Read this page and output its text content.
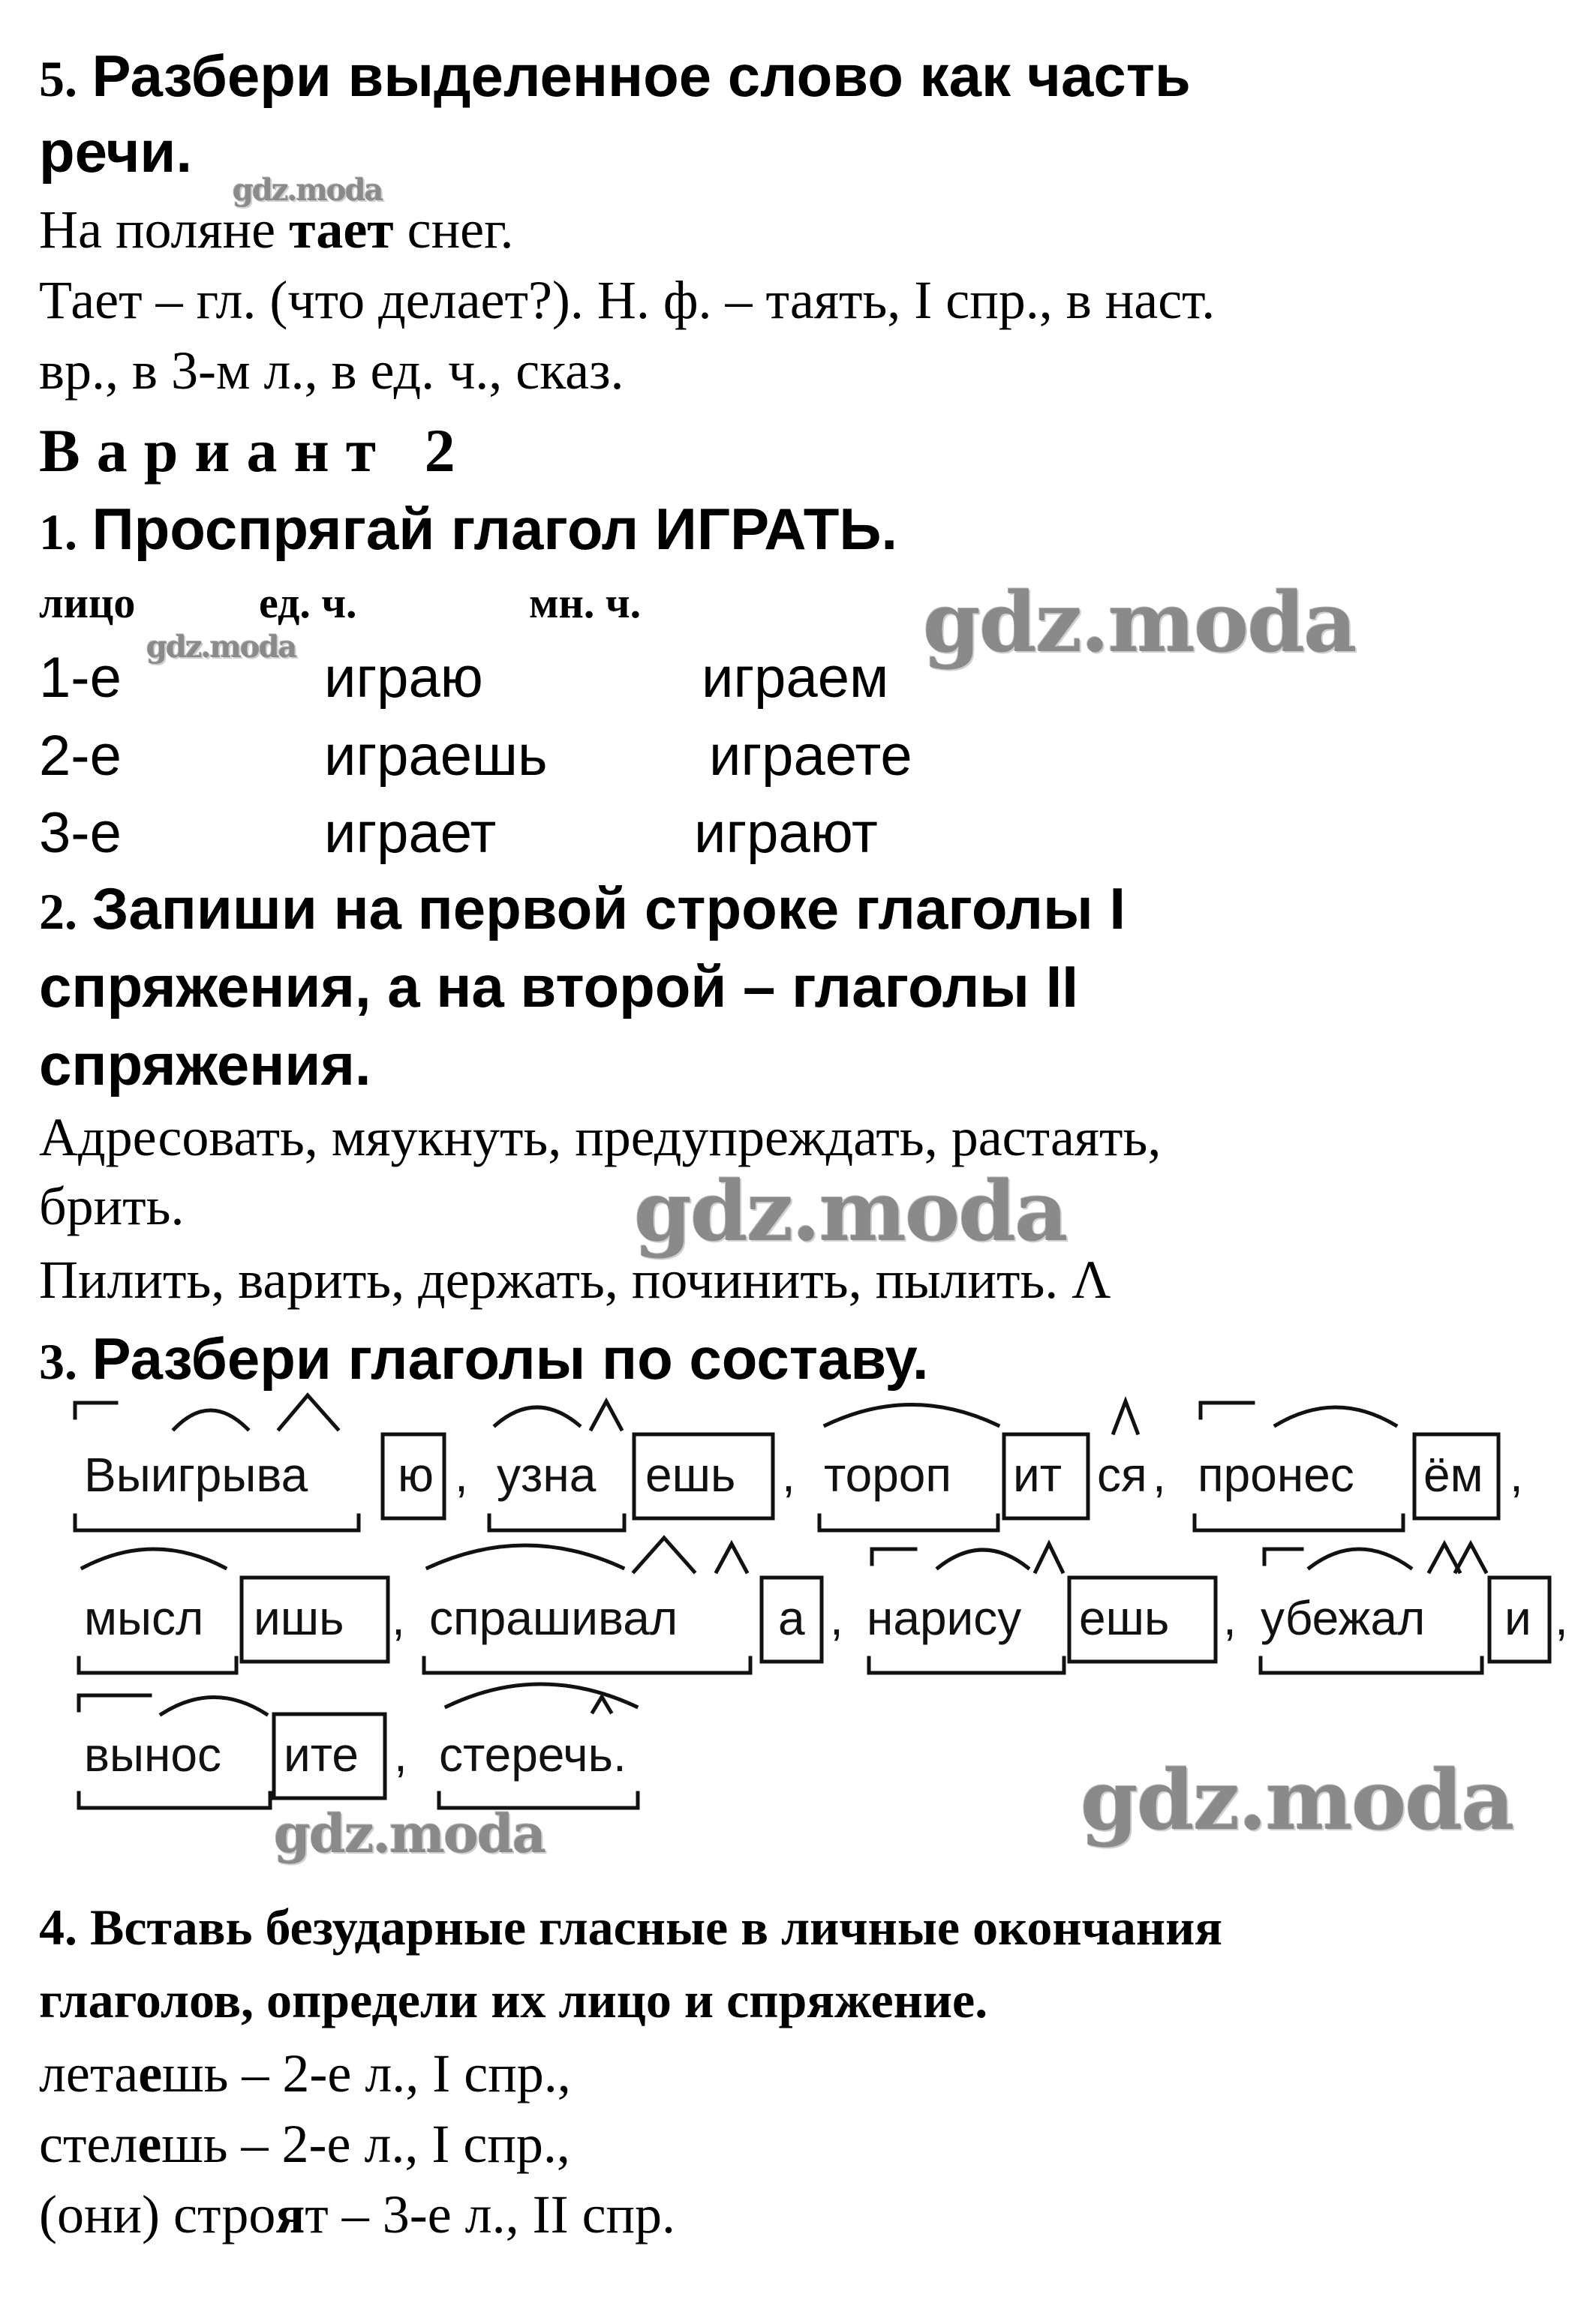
5. Разбери выделенное слово как часть
речи.
gdz.moda
На поляне тает снег.
Тает – гл. (что делает?). Н. ф. – таять, I спр., в наст.
вр., в 3-м л., в ед. ч., сказ.
Вариант 2
1. Проспрягай глагол ИГРАТЬ.
лицо	ед. ч.	мн. ч.	gdz.moda
gdz.moda
1-е	играю	играем
2-е	играешь	играете
3-е	играет	играют
2. Запиши на первой строке глаголы I
спряжения, а на второй – глаголы II
спряжения.
Адресовать, мяукнуть, предупреждать, растаять,
брить.	gdz.moda
Пилить, варить, держать, починить, пылить. Λ
3. Разбери глаголы по составу.
Выигрыва ю , узна ешь , тороп ит ся , пронес ём ,
мысл ишь , спрашивал а , нарису ешь , убежал и ,
вынос ите , стеречь.	gdz.moda
gdz.moda
4. Вставь безударные гласные в личные окончания
глаголов, определи их лицо и спряжение.
летаешь – 2-е л., I спр.,
стелешь – 2-е л., I спр.,
(они) строят – 3-е л., II спр.
